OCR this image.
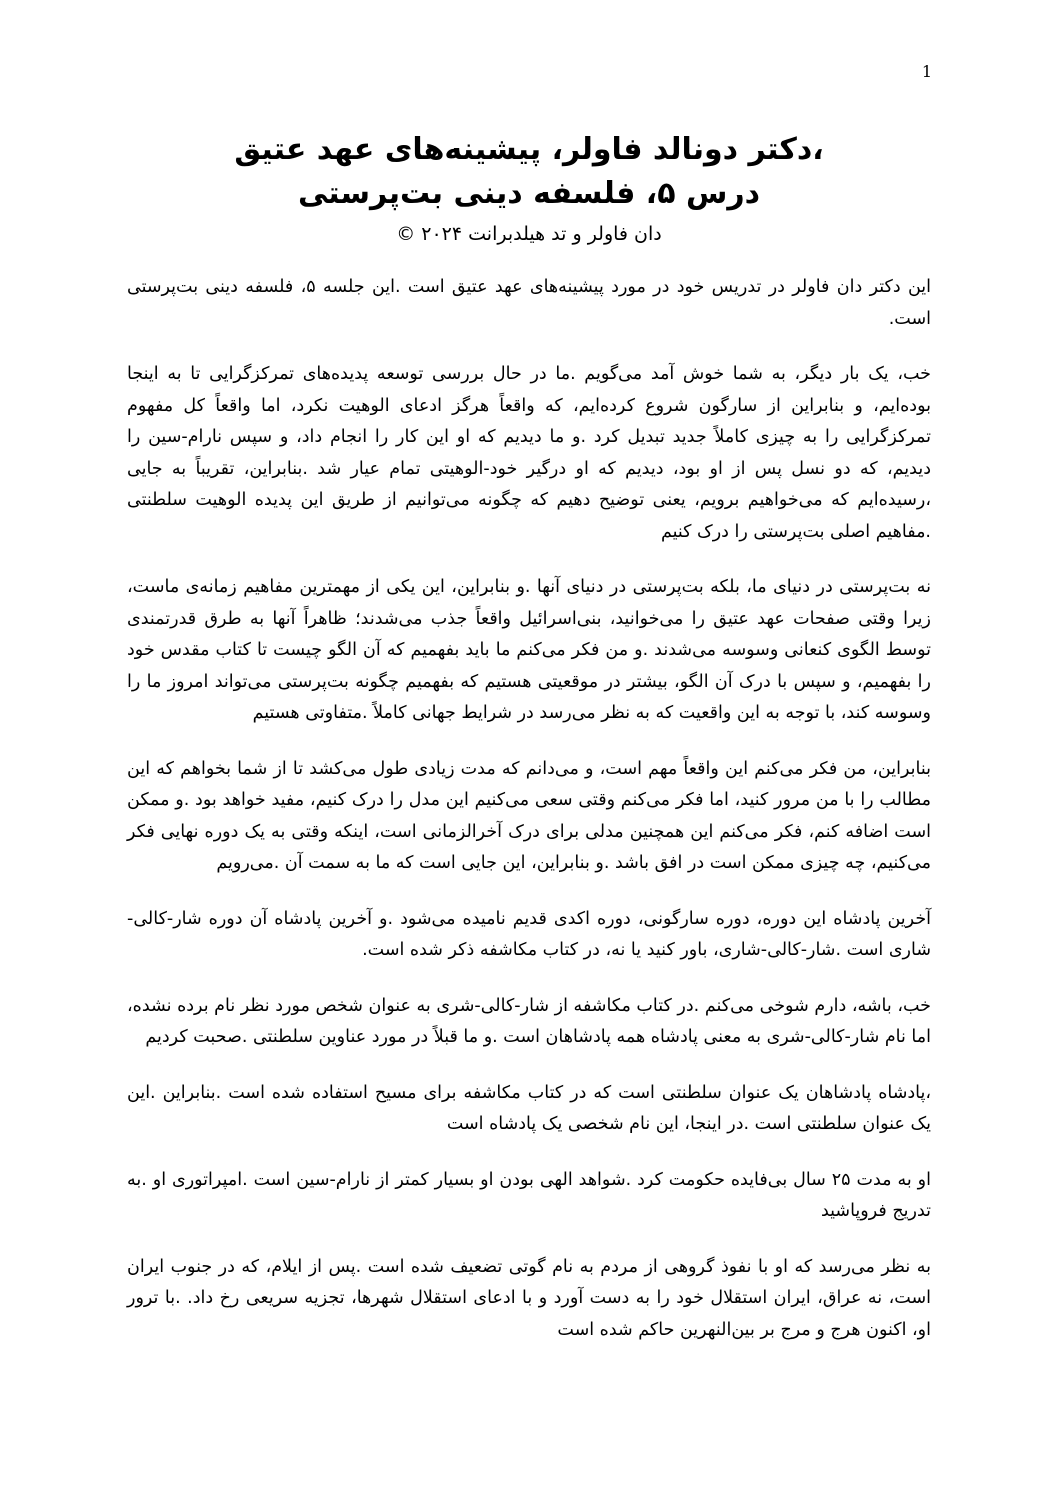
1
،دکتر دونالد فاولر، پیشینه‌های عهد عتیق
درس ۵، فلسفه دینی بت‌پرستی
دان فاولر و تد هیلدبرانت ۲۰۲۴ ©

این دکتر دان فاولر در تدریس خود در مورد پیشینه‌های عهد عتیق است .این جلسه ۵، فلسفه دینی بت‌پرستی است.

خب، یک بار دیگر، به شما خوش آمد می‌گویم .ما در حال بررسی توسعه پدیده‌های تمرکزگرایی تا به اینجا بوده‌ایم، و بنابراین از سارگون شروع کرده‌ایم، که واقعاً هرگز ادعای الوهیت نکرد، اما واقعاً کل مفهوم تمرکزگرایی را به چیزی کاملاً جدید تبدیل کرد .و ما دیدیم که او این کار را انجام داد، و سپس نارام-سین را دیدیم، که دو نسل پس از او بود، دیدیم که او درگیر خود-الوهیتی تمام عیار شد .بنابراین، تقریباً به جایی ،رسیده‌ایم که می‌خواهیم برویم، یعنی توضیح دهیم که چگونه می‌توانیم از طریق این پدیده الوهیت سلطنتی .مفاهیم اصلی بت‌پرستی را درک کنیم

نه بت‌پرستی در دنیای ما، بلکه بت‌پرستی در دنیای آنها .و بنابراین، این یکی از مهمترین مفاهیم زمانه‌ی ماست، زیرا وقتی صفحات عهد عتیق را می‌خوانید، بنی‌اسرائیل واقعاً جذب می‌شدند؛ ظاهراً آنها به طرق قدرتمندی توسط الگوی کنعانی وسوسه می‌شدند .و من فکر می‌کنم ما باید بفهمیم که آن الگو چیست تا کتاب مقدس خود را بفهمیم، و سپس با درک آن الگو، بیشتر در موقعیتی هستیم که بفهمیم چگونه بت‌پرستی می‌تواند امروز ما را وسوسه کند، با توجه به این واقعیت که به نظر می‌رسد در شرایط جهانی کاملاً .متفاوتی هستیم

بنابراین، من فکر می‌کنم این واقعاً مهم است، و می‌دانم که مدت زیادی طول می‌کشد تا از شما بخواهم که این مطالب را با من مرور کنید، اما فکر می‌کنم وقتی سعی می‌کنیم این مدل را درک کنیم، مفید خواهد بود .و ممکن است اضافه کنم، فکر می‌کنم این همچنین مدلی برای درک آخرالزمانی است، اینکه وقتی به یک دوره نهایی فکر می‌کنیم، چه چیزی ممکن است در افق باشد .و بنابراین، این جایی است که ما به سمت آن .می‌رویم

آخرین پادشاه این دوره، دوره سارگونی، دوره اکدی قدیم نامیده می‌شود .و آخرین پادشاه آن دوره شار-کالی-شاری است .شار-کالی-شاری، باور کنید یا نه، در کتاب مکاشفه ذکر شده است.

خب، باشه، دارم شوخی می‌کنم .در کتاب مکاشفه از شار-کالی-شری به عنوان شخص مورد نظر نام برده نشده، اما نام شار-کالی-شری به معنی پادشاه همه پادشاهان است .و ما قبلاً در مورد عناوین سلطنتی .صحبت کردیم

،پادشاه پادشاهان یک عنوان سلطنتی است که در کتاب مکاشفه برای مسیح استفاده شده است .بنابراین .این یک عنوان سلطنتی است .در اینجا، این نام شخصی یک پادشاه است

او به مدت ۲۵ سال بی‌فایده حکومت کرد .شواهد الهی بودن او بسیار کمتر از نارام-سین است .امپراتوری او .به تدریج فروپاشید

به نظر می‌رسد که او با نفوذ گروهی از مردم به نام گوتی تضعیف شده است .پس از ایلام، که در جنوب ایران است، نه عراق، ایران استقلال خود را به دست آورد و با ادعای استقلال شهرها، تجزیه سریعی رخ داد. .با ترور او، اکنون هرج و مرج بر بین‌النهرین حاکم شده است
